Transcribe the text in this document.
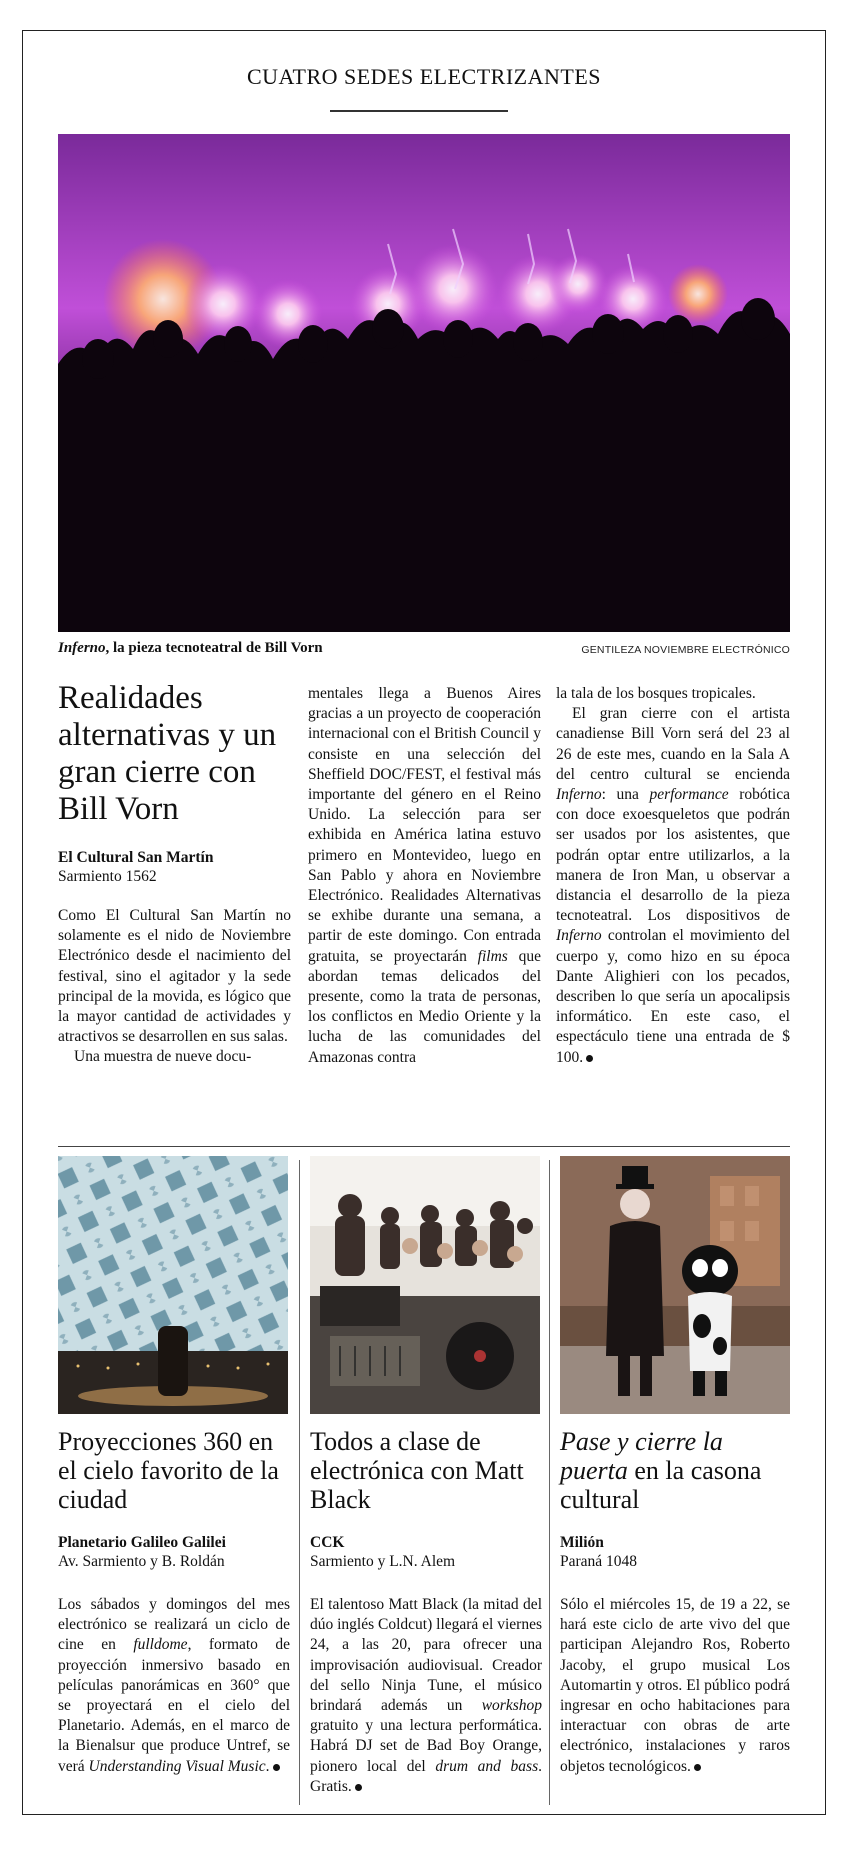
CUATRO SEDES ELECTRIZANTES
Inferno, la pieza tecnoteatral de Bill Vorn	GENTILEZA NOVIEMBRE ELECTRÓNICO
Realidades alternativas y un gran cierre con Bill Vorn
El Cultural San Martín
Sarmiento 1562

Como El Cultural San Martín no solamente es el nido de Noviembre Electrónico desde el nacimiento del festival, sino el agitador y la sede principal de la movida, es lógico que la mayor cantidad de actividades y atractivos se desarrollen en sus salas.

Una muestra de nueve docu-

mentales llega a Buenos Aires gracias a un proyecto de cooperación internacional con el British Council y consiste en una selección del Sheffield DOC/FEST, el festival más importante del género en el Reino Unido. La selección para ser exhibida en América latina estuvo primero en Montevideo, luego en San Pablo y ahora en Noviembre Electrónico. Realidades Alternativas se exhibe durante una semana, a partir de este domingo. Con entrada gratuita, se proyectarán films que abordan temas delicados del presente, como la trata de personas, los conflictos en Medio Oriente y la lucha de las comunidades del Amazonas contra

la tala de los bosques tropicales.

El gran cierre con el artista canadiense Bill Vorn será del 23 al 26 de este mes, cuando en la Sala A del centro cultural se encienda Inferno: una performance robótica con doce exoesqueletos que podrán ser usados por los asistentes, que podrán optar entre utilizarlos, a la manera de Iron Man, u observar a distancia el desarrollo de la pieza tecnoteatral. Los dispositivos de Inferno controlan el movimiento del cuerpo y, como hizo en su época Dante Alighieri con los pecados, describen lo que sería un apocalipsis informático. En este caso, el espectáculo tiene una entrada de $ 100.

Proyecciones 360 en el cielo favorito de la ciudad
Planetario Galileo Galilei
Av. Sarmiento y B. Roldán

Los sábados y domingos del mes electrónico se realizará un ciclo de cine en fulldome, formato de proyección inmersivo basado en películas panorámicas en 360° que se proyectará en el cielo del Planetario. Además, en el marco de la Bienalsur que produce Untref, se verá Understanding Visual Music.

Todos a clase de electrónica con Matt Black
CCK
Sarmiento y L.N. Alem

El talentoso Matt Black (la mitad del dúo inglés Coldcut) llegará el viernes 24, a las 20, para ofrecer una improvisación audiovisual. Creador del sello Ninja Tune, el músico brindará además un workshop gratuito y una lectura performática. Habrá DJ set de Bad Boy Orange, pionero local del drum and bass. Gratis.

Pase y cierre la puerta en la casona cultural
Milión
Paraná 1048

Sólo el miércoles 15, de 19 a 22, se hará este ciclo de arte vivo del que participan Alejandro Ros, Roberto Jacoby, el grupo musical Los Automartin y otros. El público podrá ingresar en ocho habitaciones para interactuar con obras de arte electrónico, instalaciones y raros objetos tecnológicos.
